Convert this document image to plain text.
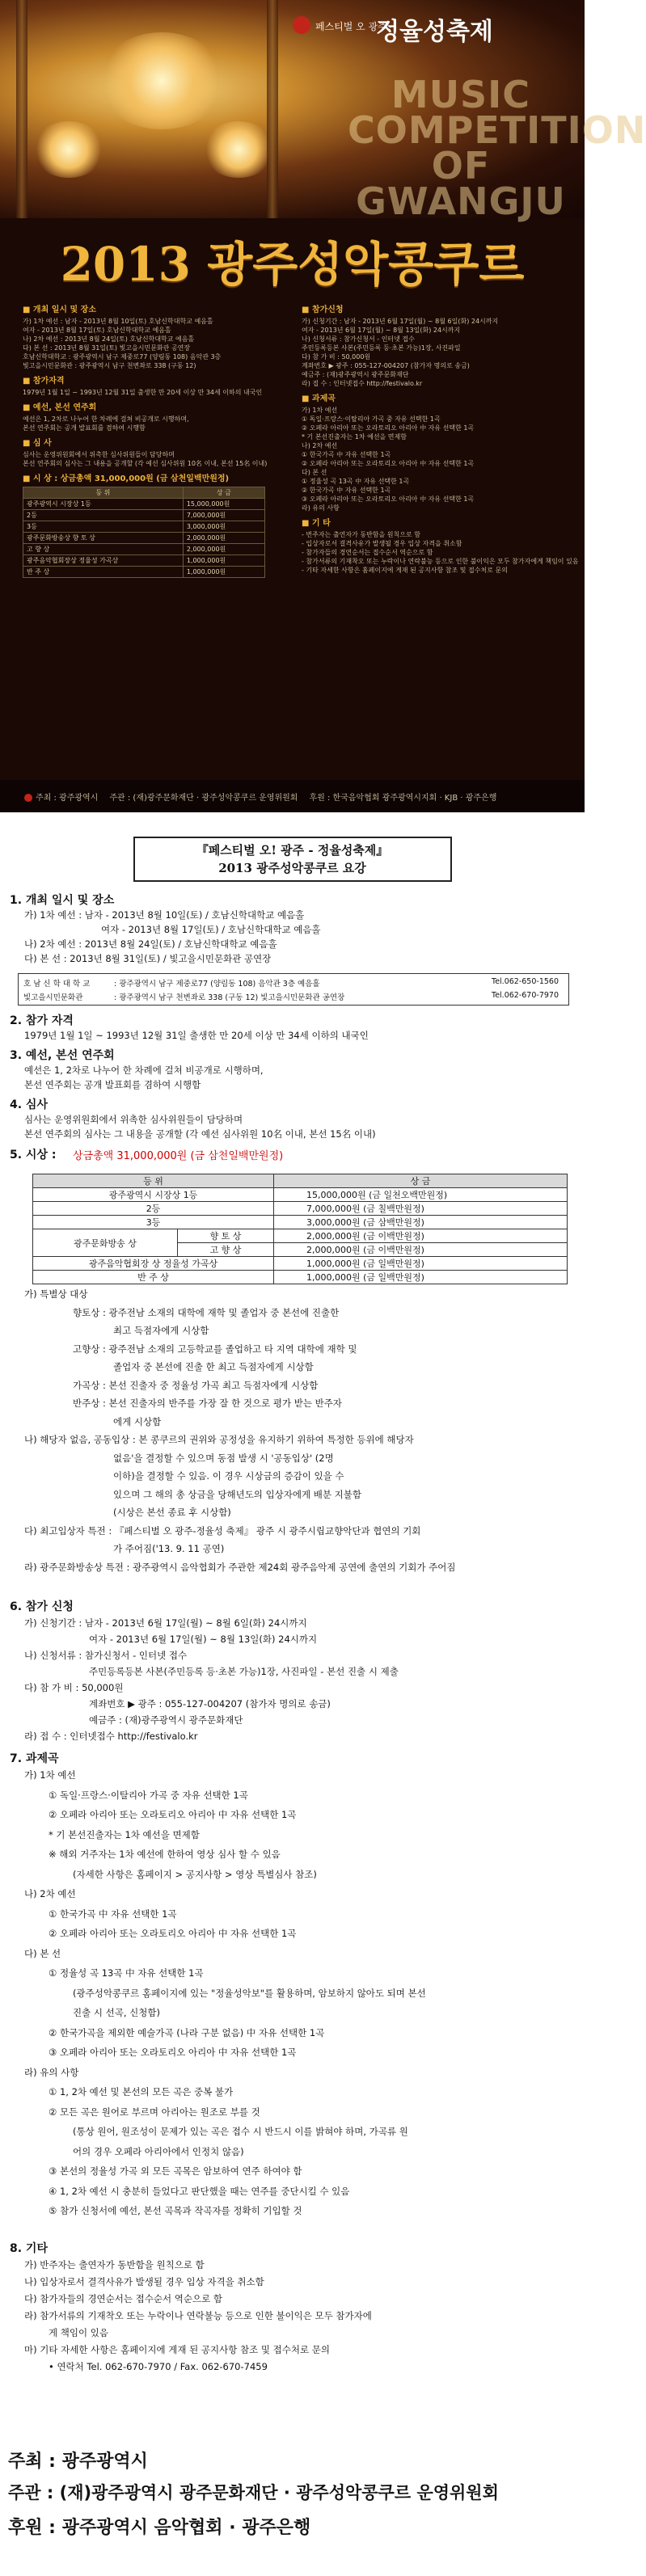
페스티벌 오 광주
정율성축제
MUSIC COMPETITION OF GWANGJU
2013 광주성악콩쿠르
■ 개최 일시 및 장소
가) 1차 예선 : 남자 - 2013년 8월 10일(토) 호남신학대학교 예음홀
여자 - 2013년 8월 17일(토) 호남신학대학교 예음홀
나) 2차 예선 : 2013년 8월 24일(토) 호남신학대학교 예음홀
다) 본 선 : 2013년 8월 31일(토) 빛고을시민문화관 공연장
호남신학대학교 : 광주광역시 남구 제중로77 (양림동 108) 음악관 3층
빛고을시민문화관 : 광주광역시 남구 천변좌로 338 (구동 12)
■ 참가자격
1979년 1월 1일 ~ 1993년 12월 31일 출생한 만 20세 이상 만 34세 이하의 내국인
■ 예선, 본선 연주회
예선은 1, 2차로 나누어 한 차례에 걸쳐 비공개로 시행하며,
본선 연주회는 공개 발표회를 겸하여 시행함
■ 심 사
심사는 운영위원회에서 위촉한 심사위원들이 담당하며
본선 연주회의 심사는 그 내용을 공개할 (각 예선 심사위원 10名 이내, 본선 15名 이내)
■ 시 상 : 상금총액 31,000,000원 (금 삼천일백만원정)
등 위	상 금
광주광역시 시장상 1등	15,000,000원
2등	7,000,000원
3등	3,000,000원
광주문화방송상 향 토 상	2,000,000원
고 향 상	2,000,000원
광주음악협회장상 정율성 가곡상	1,000,000원
반 주 상	1,000,000원
■ 참가신청
가) 신청기간 : 남자 - 2013년 6월 17일(월) ~ 8월 6일(화) 24시까지
여자 - 2013년 6월 17일(월) ~ 8월 13일(화) 24시까지
나) 신청서류 : 참가신청서 - 인터넷 접수
주민등록등본 사본(주민등록 등·초본 가능)1장, 사진파일
다) 참 가 비 : 50,000원
계좌번호 ▶ 광주 : 055-127-004207 (참가자 명의로 송금)
예금주 : (재)광주광역시 광주문화재단
라) 접 수 : 인터넷접수 http://festivalo.kr
■ 과제곡
가) 1차 예선
① 독일·프랑스·이탈리아 가곡 중 자유 선택한 1곡
② 오페라 아리아 또는 오라토리오 아리아 中 자유 선택한 1곡
* 기 본선진출자는 1차 예선을 면제함
나) 2차 예선
① 한국가곡 中 자유 선택한 1곡
② 오페라 아리아 또는 오라토리오 아리아 中 자유 선택한 1곡
다) 본 선
① 정율성 곡 13곡 中 자유 선택한 1곡
② 한국가곡 中 자유 선택한 1곡
③ 오페라 아리아 또는 오라토리오 아리아 中 자유 선택한 1곡
라) 유의 사항
■ 기 타
- 번주자는 출연자가 동반함을 원칙으로 함
- 입상자로서 결격사유가 발생될 경우 입상 자격을 취소함
- 참가자들의 경연순서는 접수순서 역순으로 함
- 참가서류의 기재착오 또는 누락이나 연락불능 등으로 인한 불이익은 모두 참가자에게 책임이 있음
- 기타 자세한 사항은 홈페이지에 게재 된 공지사항 참조 및 접수처로 문의
주최 : 광주광역시 주관 : (재)광주문화재단 · 광주성악콩쿠르 운영위원회 후원 : 한국음악협회 광주광역시지회 · KJB · 광주은행
『페스티벌 오! 광주 - 정율성축제』
2013 광주성악콩쿠르 요강
1. 개최 일시 및 장소
가) 1차 예선 : 남자 - 2013년 8월 10일(토) / 호남신학대학교 예음홀
여자 - 2013년 8월 17일(토) / 호남신학대학교 예음홀
나) 2차 예선 : 2013년 8월 24일(토) / 호남신학대학교 예음홀
다) 본 선 : 2013년 8월 31일(토) / 빛고을시민문화관 공연장
호 남 신 학 대 학 교	: 광주광역시 남구 제중로77 (양림동 108) 음악관 3층 예음홀	Tel.062-650-1560
빛고을시민문화관	: 광주광역시 남구 천변좌로 338 (구동 12) 빛고을시민문화관 공연장	Tel.062-670-7970
2. 참가 자격
1979년 1월 1일 ~ 1993년 12월 31일 출생한 만 20세 이상 만 34세 이하의 내국인
3. 예선, 본선 연주회
예선은 1, 2차로 나누어 한 차례에 걸쳐 비공개로 시행하며,
본선 연주회는 공개 발표회를 겸하여 시행함
4. 심사
심사는 운영위원회에서 위촉한 심사위원들이 담당하며
본선 연주회의 심사는 그 내용을 공개할 (각 예선 심사위원 10名 이내, 본선 15名 이내)
5. 시상 : 상금총액 31,000,000원 (금 삼천일백만원정)
등 위		상 금
광주광역시 시장상 1등		15,000,000원 (금 일천오백만원정)
2등		7,000,000원 (금 칠백만원정)
3등		3,000,000원 (금 삼백만원정)
광주문화방송 상	향 토 상	2,000,000원 (금 이백만원정)
	고 향 상	2,000,000원 (금 이백만원정)
광주음악협회장 상 정율성 가곡상		1,000,000원 (금 일백만원정)
반 주 상		1,000,000원 (금 일백만원정)
가) 특별상 대상
향토상 : 광주전남 소재의 대학에 재학 및 졸업자 중 본선에 진출한
최고 득점자에게 시상함
고향상 : 광주전남 소재의 고등학교를 졸업하고 타 지역 대학에 재학 및
졸업자 중 본선에 진출 한 최고 득점자에게 시상함
가곡상 : 본선 진출자 중 정율성 가곡 최고 득점자에게 시상함
반주상 : 본선 진출자의 반주를 가장 잘 한 것으로 평가 받는 반주자
에게 시상함
나) 해당자 없음, 공동입상 : 본 콩쿠르의 권위와 공정성을 유지하기 위하여 특정한 등위에 해당자
없음'을 결정할 수 있으며 동점 발생 시 '공동입상' (2명
이하)을 결정할 수 있음. 이 경우 시상금의 증감이 있을 수
있으며 그 해의 총 상금을 당해년도의 입상자에게 배분 지불함
(시상은 본선 종료 후 시상함)
다) 최고입상자 특전 : 『페스티벌 오 광주-정율성 축제』 광주 시 광주시립교향악단과 협연의 기회
가 주어짐('13. 9. 11 공연)
라) 광주문화방송상 특전 : 광주광역시 음악협회가 주관한 제24회 광주음악제 공연에 출연의 기회가 주어짐
6. 참가 신청
가) 신청기간 : 남자 - 2013년 6월 17일(월) ~ 8월 6일(화) 24시까지
여자 - 2013년 6월 17일(월) ~ 8월 13일(화) 24시까지
나) 신청서류 : 참가신청서 - 인터넷 접수
주민등록등본 사본(주민등록 등·초본 가능)1장, 사진파일 - 본선 진출 시 제출
다) 참 가 비 : 50,000원
계좌번호 ▶ 광주 : 055-127-004207 (참가자 명의로 송금)
예금주 : (재)광주광역시 광주문화재단
라) 접 수 : 인터넷접수 http://festivalo.kr
7. 과제곡
가) 1차 예선
① 독일·프랑스·이탈리아 가곡 중 자유 선택한 1곡
② 오페라 아리아 또는 오라토리오 아리아 中 자유 선택한 1곡
* 기 본선진출자는 1차 예선을 면제함
※ 해외 거주자는 1차 예선에 한하여 영상 심사 할 수 있음
(자세한 사항은 홈페이지 > 공지사항 > 영상 특별심사 참조)
나) 2차 예선
① 한국가곡 中 자유 선택한 1곡
② 오페라 아리아 또는 오라토리오 아리아 中 자유 선택한 1곡
다) 본 선
① 정율성 곡 13곡 中 자유 선택한 1곡
(광주성악콩쿠르 홈페이지에 있는 "정율성악보"를 활용하며, 암보하지 않아도 되며 본선
진출 시 선곡, 신청함)
② 한국가곡을 제외한 예술가곡 (나라 구분 없음) 中 자유 선택한 1곡
③ 오페라 아리아 또는 오라토리오 아리아 中 자유 선택한 1곡
라) 유의 사항
① 1, 2차 예선 및 본선의 모든 곡은 중복 불가
② 모든 곡은 원어로 부르며 아리아는 원조로 부를 것
(통상 원어, 원조성이 문제가 있는 곡은 접수 시 반드시 이를 밝혀야 하며, 가곡류 원
어의 경우 오페라 아리아에서 인정치 않음)
③ 본선의 정율성 가곡 외 모든 곡목은 암보하여 연주 하여야 함
④ 1, 2차 예선 시 충분히 들었다고 판단했을 때는 연주를 중단시킬 수 있음
⑤ 참가 신청서에 예선, 본선 곡목과 작곡자를 정확히 기입할 것
8. 기타
가) 반주자는 출연자가 동반함을 원칙으로 함
나) 입상자로서 결격사유가 발생될 경우 입상 자격을 취소함
다) 참가자들의 경연순서는 접수순서 역순으로 함
라) 참가서류의 기재착오 또는 누락이나 연락불능 등으로 인한 불이익은 모두 참가자에
게 책임이 있음
마) 기타 자세한 사항은 홈페이지에 게재 된 공지사항 참조 및 접수처로 문의
• 연락처 Tel. 062-670-7970 / Fax. 062-670-7459
주최 : 광주광역시
주관 : (재)광주광역시 광주문화재단 · 광주성악콩쿠르 운영위원회
후원 : 광주광역시 음악협회 · 광주은행
